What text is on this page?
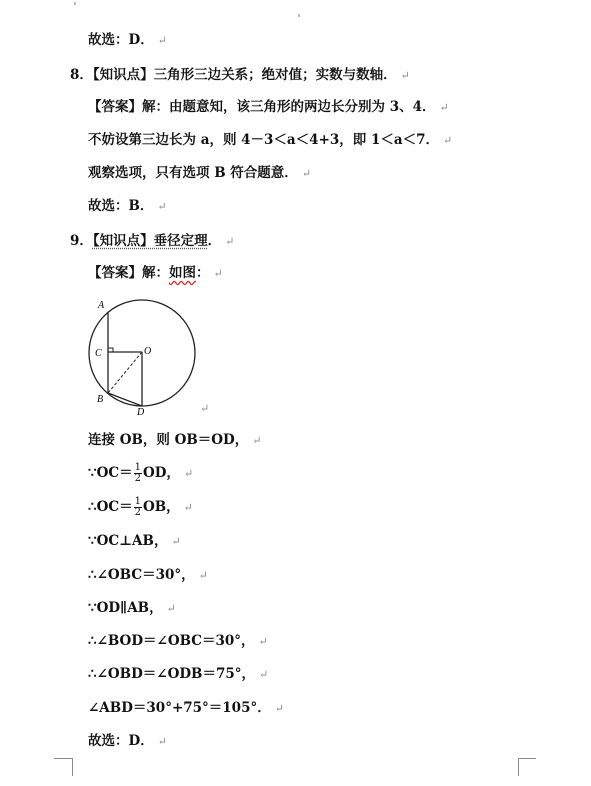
故选：D． ↵
8．【知识点】三角形三边关系；绝对值；实数与数轴． ↵
【答案】解：由题意知，该三角形的两边长分别为 3、4． ↵
不妨设第三边长为 a，则 4－3＜a＜4+3，即 1＜a＜7． ↵
观察选项，只有选项 B 符合题意． ↵
故选：B． ↵
9．【知识点】垂径定理． ↵
【答案】解：如图： ↵
A
C	O
B
D	↵
连接 OB，则 OB＝OD， ↵
∵OC＝ $\frac{1}{2}$ OD， ↵
∴OC＝ $\frac{1}{2}$ OB， ↵
∵OC⊥AB， ↵
∴∠OBC＝30°， ↵
∵OD∥AB， ↵
∴∠BOD＝∠OBC＝30°， ↵
∴∠OBD＝∠ODB＝75°， ↵
∠ABD＝30°+75°＝105°． ↵
故选：D． ↵
